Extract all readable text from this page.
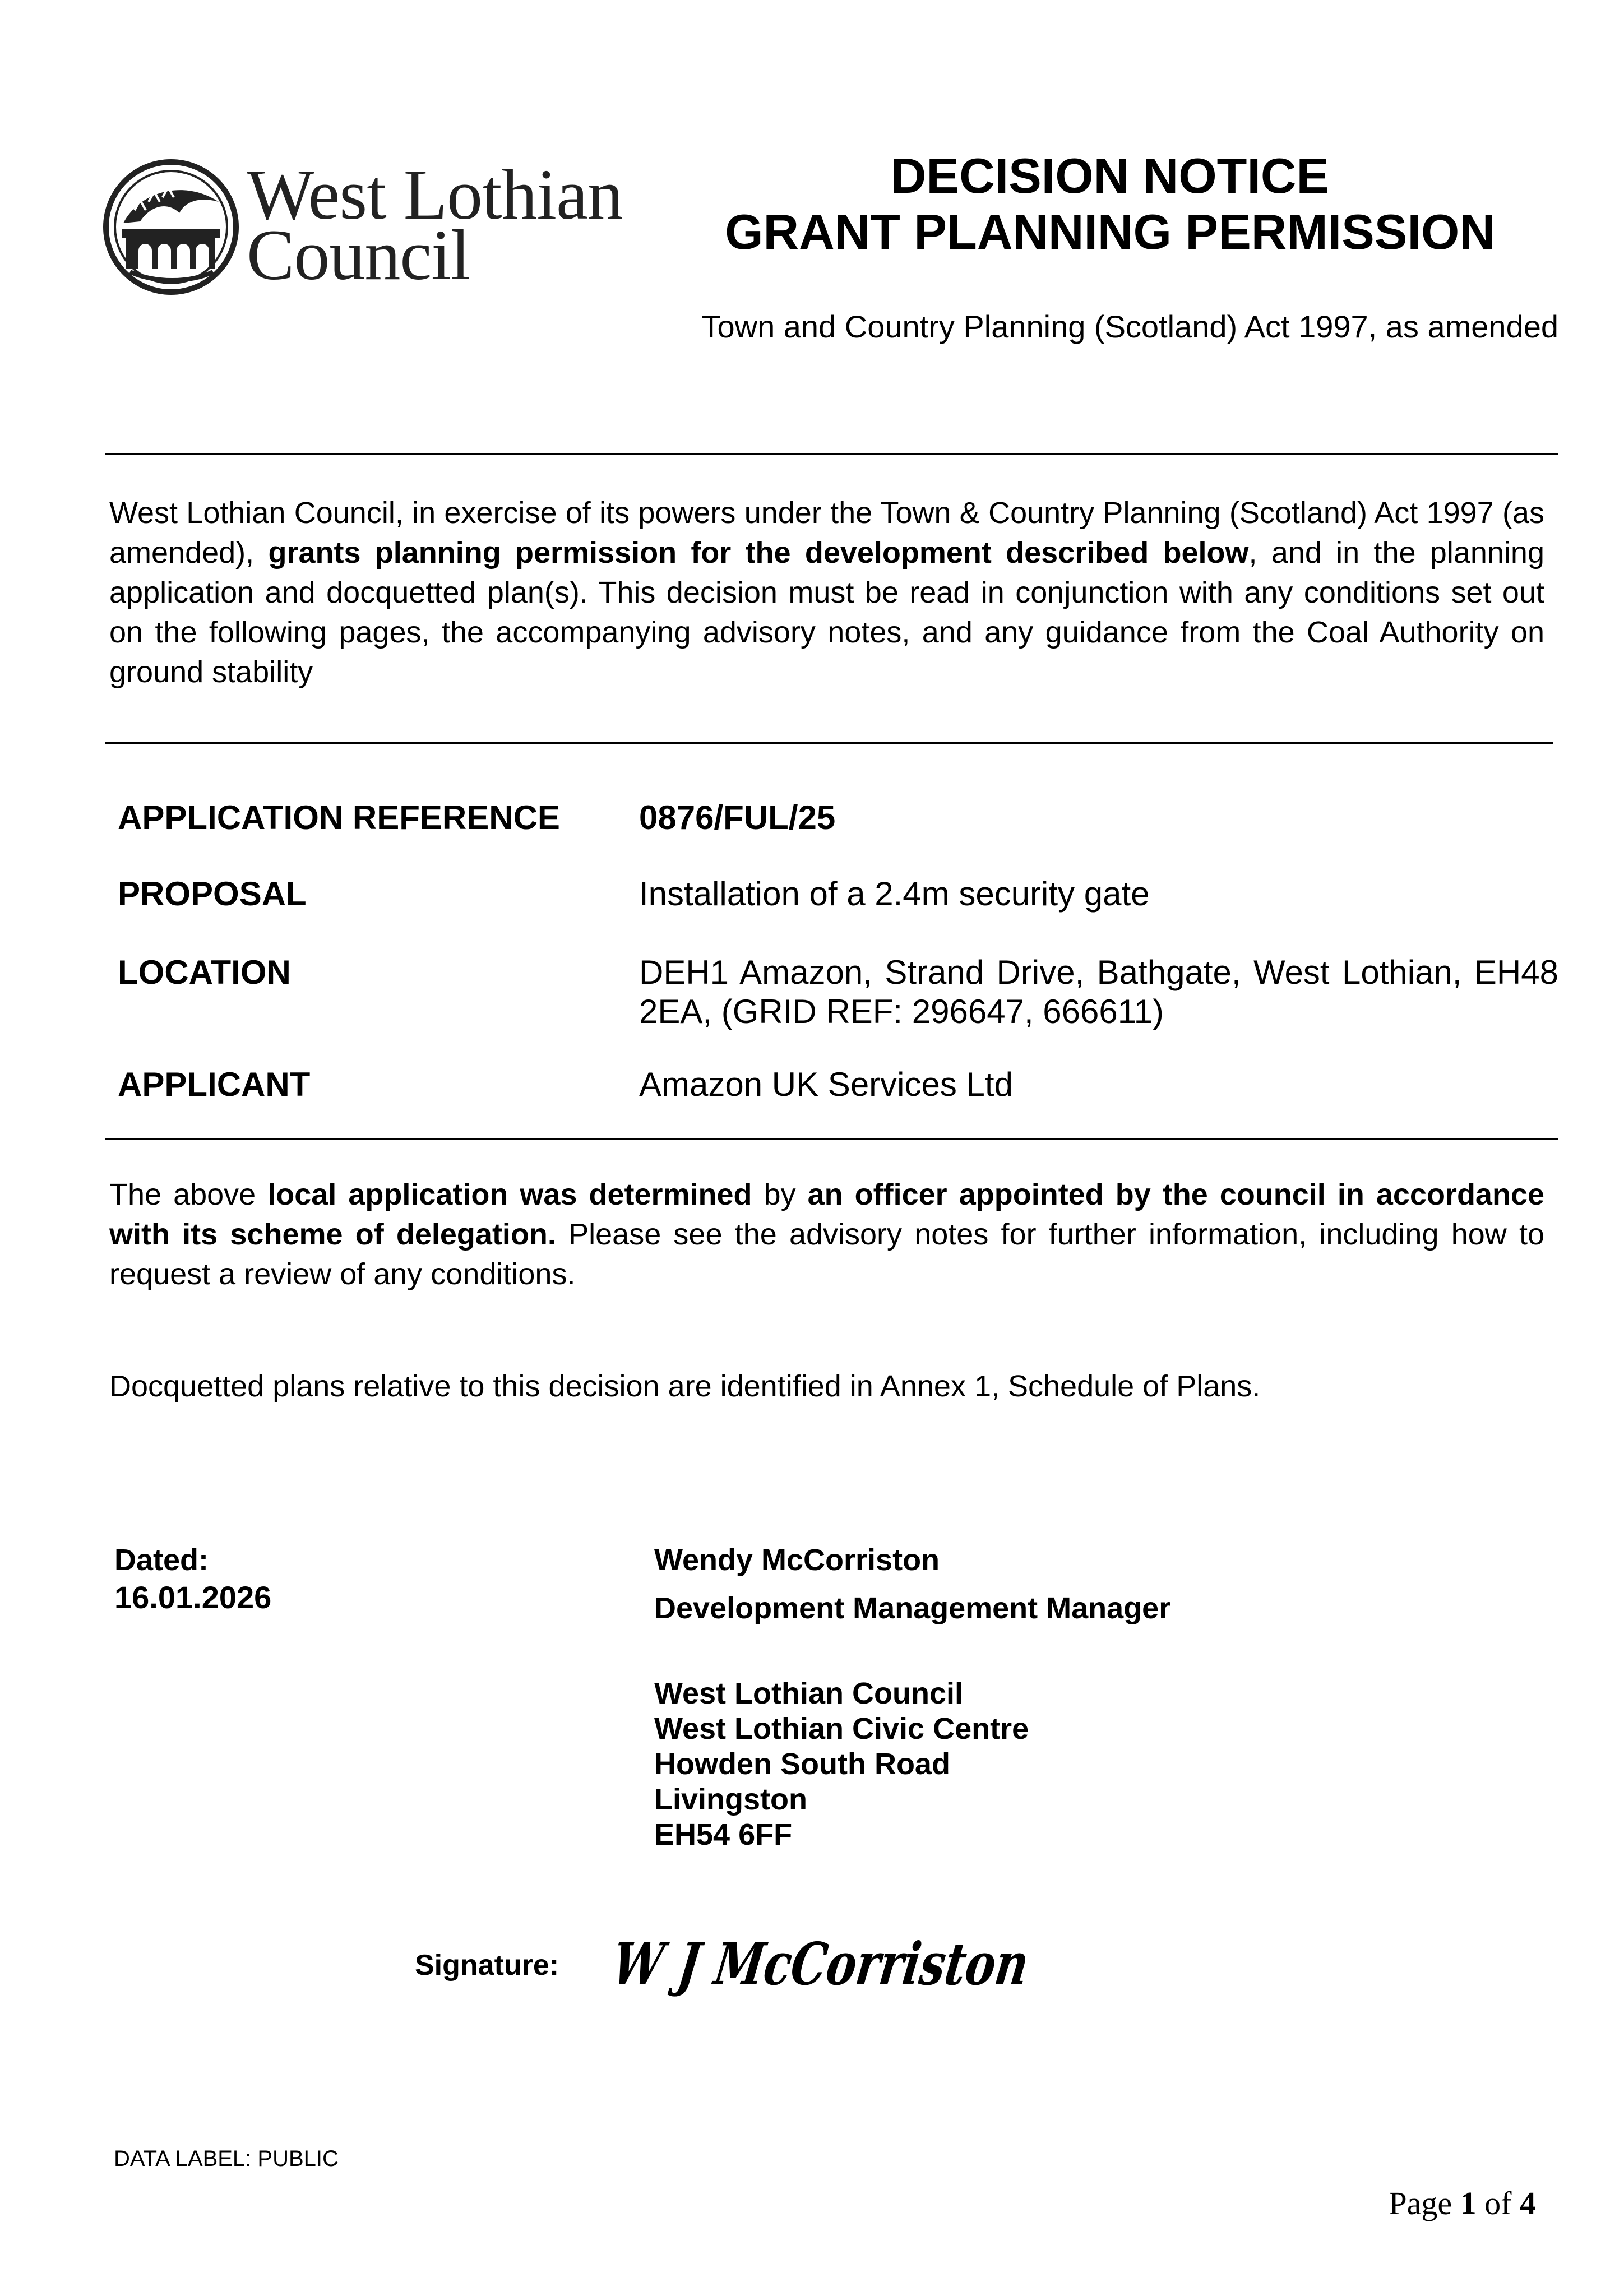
West Lothian
Council
DECISION NOTICE
GRANT PLANNING PERMISSION
Town and Country Planning (Scotland) Act 1997, as amended
West Lothian Council, in exercise of its powers under the Town & Country Planning (Scotland) Act 1997 (as amended), grants planning permission for the development described below, and in the planning application and docquetted plan(s). This decision must be read in conjunction with any conditions set out on the following pages, the accompanying advisory notes, and any guidance from the Coal Authority on ground stability
APPLICATION REFERENCE 0876/FUL/25
PROPOSAL	Installation of a 2.4m security gate
LOCATION	DEH1 Amazon, Strand Drive, Bathgate, West Lothian, EH48 2EA, (GRID REF: 296647, 666611)
APPLICANT	Amazon UK Services Ltd
The above local application was determined by an officer appointed by the council in accordance with its scheme of delegation. Please see the advisory notes for further information, including how to request a review of any conditions.
Docquetted plans relative to this decision are identified in Annex 1, Schedule of Plans.
Dated:
16.01.2026
Wendy McCorriston
Development Management Manager
West Lothian Council
West Lothian Civic Centre
Howden South Road
Livingston
EH54 6FF
Signature: W J McCorriston
DATA LABEL: PUBLIC
Page 1 of 4
